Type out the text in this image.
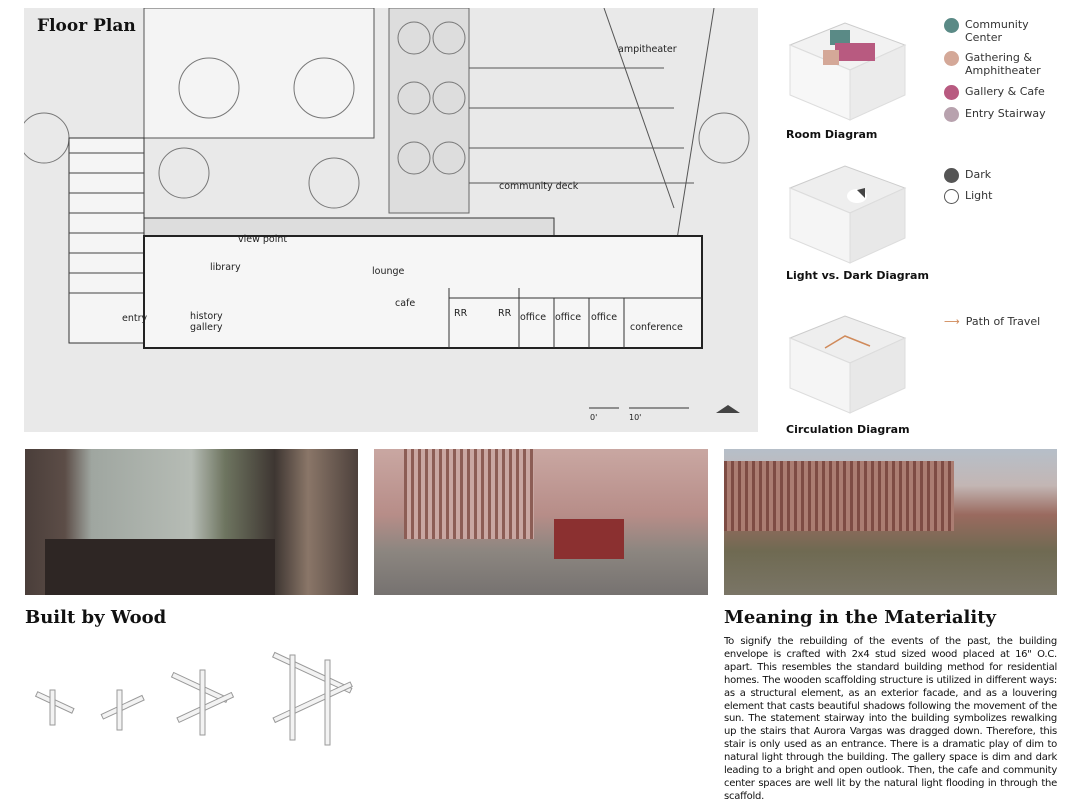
Floor Plan
ampitheater
community deck
view point
library	lounge
cafe
entry	history
gallery
RR	RR office office office
conference
0'	10'
Room Diagram
Community Center
Gathering & Amphitheater
Gallery & Cafe
Entry Stairway
Light vs. Dark Diagram
Dark
Light
Circulation Diagram
⟶ Path of Travel
Built by Wood	Meaning in the Materiality

To signify the rebuilding of the events of the past, the building envelope is crafted with 2x4 stud sized wood placed at 16" O.C. apart. This resembles the standard building method for residential homes. The wooden scaffolding structure is utilized in different ways: as a structural element, as an exterior facade, and as a louvering element that casts beautiful shadows following the movement of the sun. The statement stairway into the building symbolizes rewalking up the stairs that Aurora Vargas was dragged down. Therefore, this stair is only used as an entrance. There is a dramatic play of dim to natural light through the building. The gallery space is dim and dark leading to a bright and open outlook. Then, the cafe and community center spaces are well lit by the natural light flooding in through the scaffold.
